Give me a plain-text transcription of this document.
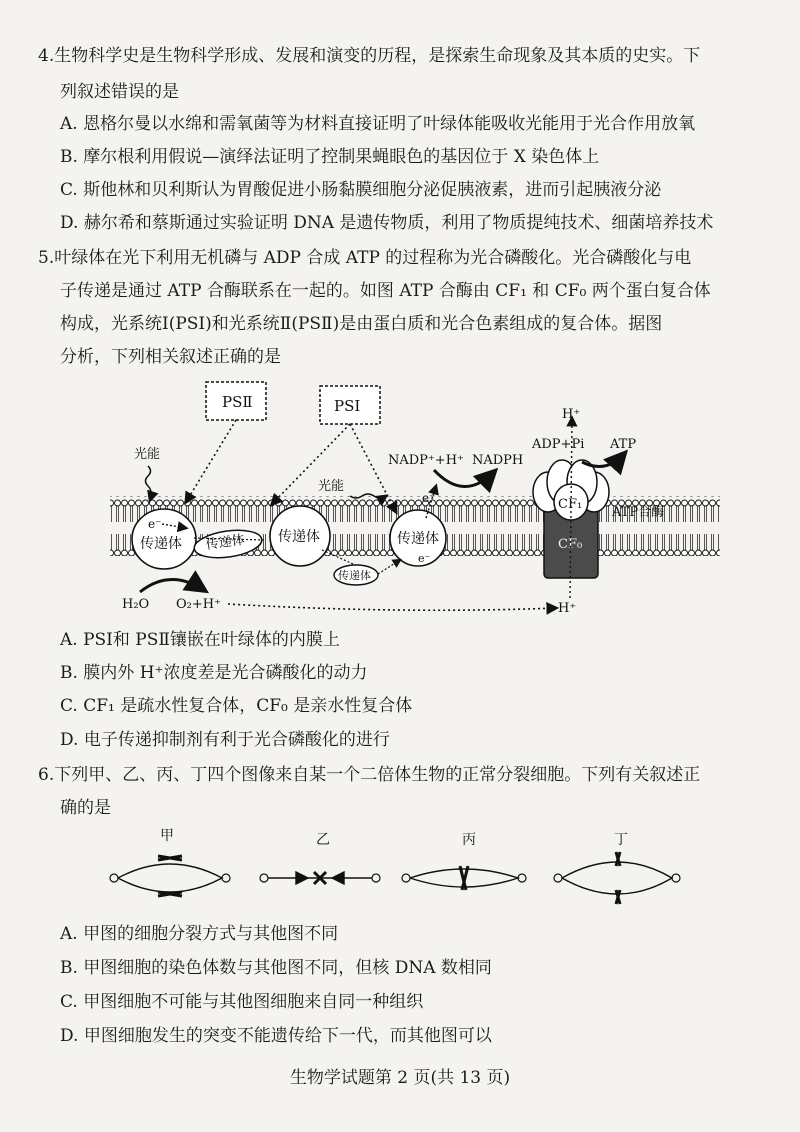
4.生物科学史是生物科学形成、发展和演变的历程，是探索生命现象及其本质的史实。下
列叙述错误的是
A. 恩格尔曼以水绵和需氧菌等为材料直接证明了叶绿体能吸收光能用于光合作用放氧
B. 摩尔根利用假说—演绎法证明了控制果蝇眼色的基因位于 X 染色体上
C. 斯他林和贝利斯认为胃酸促进小肠黏膜细胞分泌促胰液素，进而引起胰液分泌
D. 赫尔希和蔡斯通过实验证明 DNA 是遗传物质，利用了物质提纯技术、细菌培养技术
5.叶绿体在光下利用无机磷与 ADP 合成 ATP 的过程称为光合磷酸化。光合磷酸化与电
子传递是通过 ATP 合酶联系在一起的。如图 ATP 合酶由 CF₁ 和 CF₀ 两个蛋白复合体
构成，光系统Ⅰ(PSⅠ)和光系统Ⅱ(PSⅡ)是由蛋白质和光合色素组成的复合体。据图
分析，下列相关叙述正确的是
PSⅡ	PSⅠ
光能
光能
e⁻
传递体 传递体 传递体
传递体
传递体
e⁻
e⁻
NADP⁺+H⁺ NADPH
H₂O O₂+H⁺	H⁺
CF₀
CF₁
ATP合酶
H⁺
ADP+Pi ATP
A. PSⅠ和 PSⅡ镶嵌在叶绿体的内膜上
B. 膜内外 H⁺浓度差是光合磷酸化的动力
C. CF₁ 是疏水性复合体，CF₀ 是亲水性复合体
D. 电子传递抑制剂有利于光合磷酸化的进行
6.下列甲、乙、丙、丁四个图像来自某一个二倍体生物的正常分裂细胞。下列有关叙述正
确的是
甲	乙	丙	丁
A. 甲图的细胞分裂方式与其他图不同
B. 甲图细胞的染色体数与其他图不同，但核 DNA 数相同
C. 甲图细胞不可能与其他图细胞来自同一种组织
D. 甲图细胞发生的突变不能遗传给下一代，而其他图可以
生物学试题第 2 页(共 13 页)
